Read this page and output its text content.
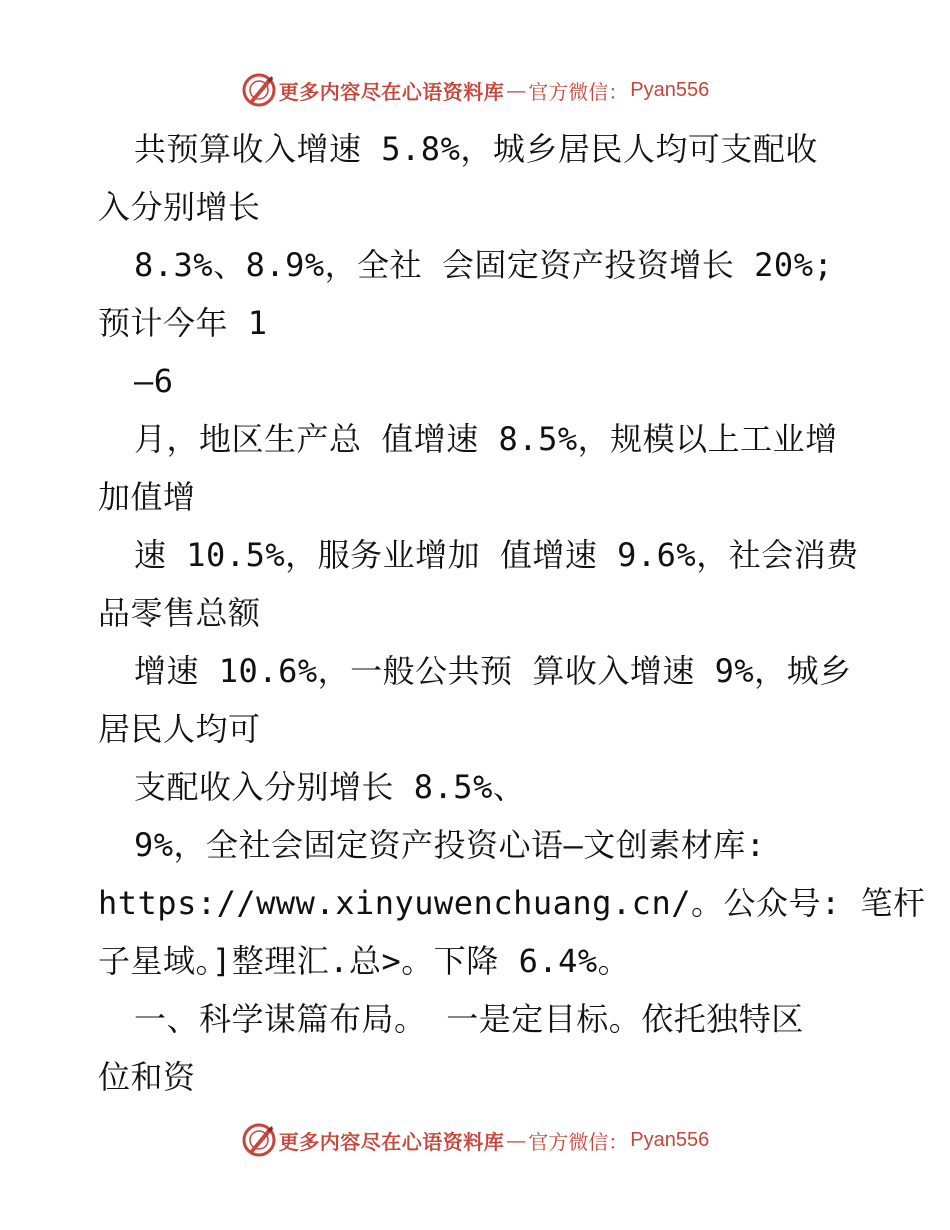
更多内容尽在心语资料库 — 官方微信： Pyan556
共预算收入增速 5.8%，城乡居民人均可支配收
入分别增长
8.3%、8.9%，全社 会固定资产投资增长 20%;
预计今年 1
—6
月，地区生产总 值增速 8.5%，规模以上工业增
加值增
速 10.5%，服务业增加 值增速 9.6%，社会消费
品零售总额
增速 10.6%，一般公共预 算收入增速 9%，城乡
居民人均可
支配收入分别增长 8.5%、
9%，全社会固定资产投资心语—文创素材库:
https://www.xinyuwenchuang.cn/。公众号: 笔杆
子星域。]整理汇.总>。下降 6.4%。
一、科学谋篇布局。 一是定目标。依托独特区
位和资
更多内容尽在心语资料库 — 官方微信： Pyan556
